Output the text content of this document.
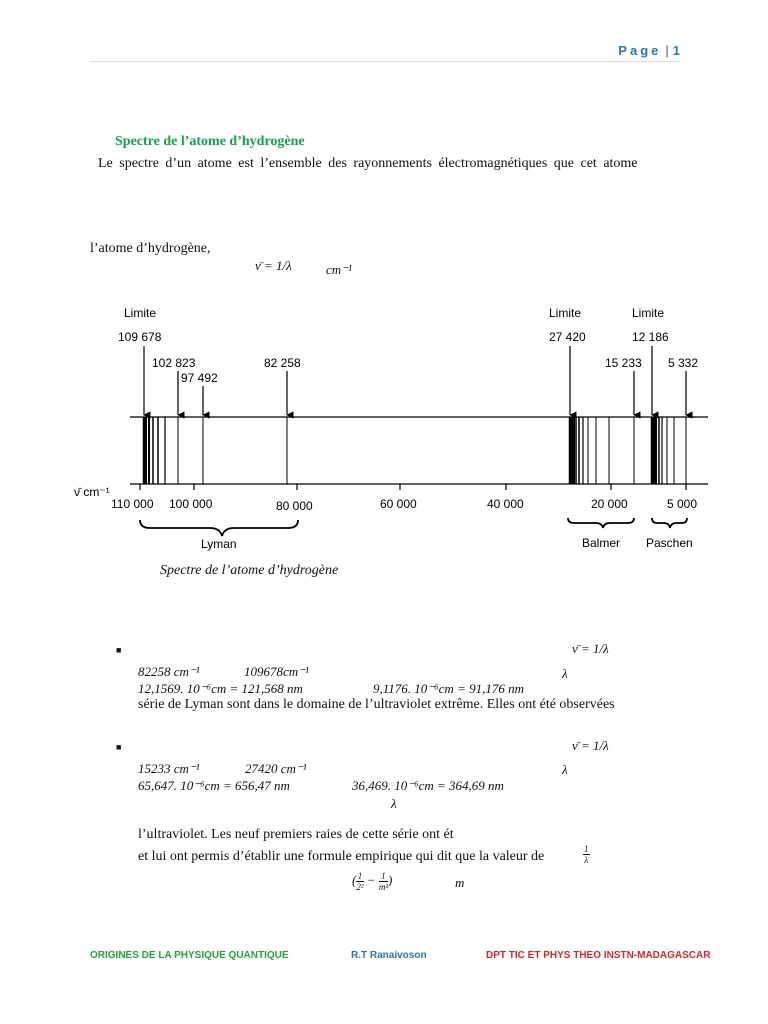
Page | 1
Spectre de l’atome d’hydrogène
Le spectre d’un atome est l’ensemble des rayonnements électromagnétiques que cet atome
l’atome d’hydrogène,
ν̄ = 1/λ	cm⁻¹
Limite
109 678
102 823
97 492
82 258
Limite
27 420
15 233
Limite
12 186
5 332
ν̄ cm⁻¹
110 000 100 000	80 000	60 000	40 000	20 000	5 000
Lyman	Balmer Paschen
Spectre de l’atome d’hydrogène
■	ν̄ = 1/λ
82258 cm⁻¹	109678cm⁻¹	λ
12,1569. 10⁻⁶cm = 121,568 nm	9,1176. 10⁻⁶cm = 91,176 nm
série de Lyman sont dans le domaine de l’ultraviolet extrême. Elles ont été observées
■	ν̄ = 1/λ
15233 cm⁻¹	27420 cm⁻¹	λ
65,647. 10⁻⁶cm = 656,47 nm	36,469. 10⁻⁶cm = 364,69 nm
λ
l’ultraviolet. Les neuf premiers raies de cette série ont ét
et lui ont permis d’établir une formule empirique qui dit que la valeur de	$\frac{1}{\lambda}$
( $\frac{1}{\text{2²}} - \frac{1}{\text{m²}}$ )	m
ORIGINES DE LA PHYSIQUE QUANTIQUE	R.T Ranaivoson	DPT TIC ET PHYS THEO INSTN-MADAGASCAR
